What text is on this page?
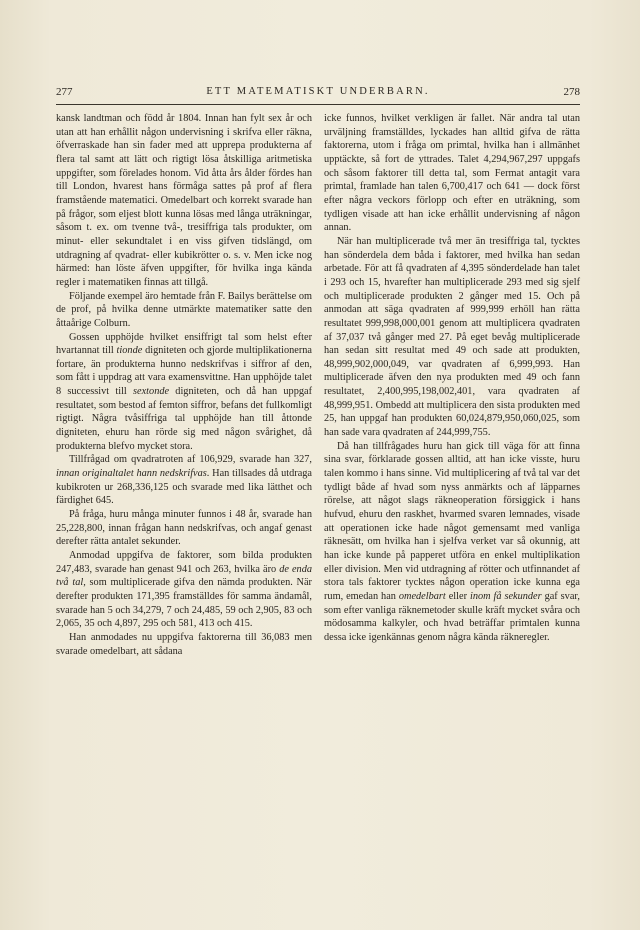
277	ETT MATEMATISKT UNDERBARN.	278

kansk landtman och född år 1804. Innan han fylt sex år och utan att han erhållit någon undervisning i skrifva eller räkna, öfverraskade han sin fader med att upprepa produkterna af flera tal samt att lätt och rigtigt lösa åtskilliga aritmetiska uppgifter, som förelades honom. Vid åtta års ålder fördes han till London, hvarest hans förmåga sattes på prof af flera framstående matematici. Omedelbart och korrekt svarade han på frågor, som eljest blott kunna lösas med långa uträkningar, såsom t. ex. om tvenne två-, tresiffriga tals produkter, om minut- eller sekundtalet i en viss gifven tidslängd, om utdragning af qvadrat- eller kubikrötter o. s. v. Men icke nog härmed: han löste äfven uppgifter, för hvilka inga kända regler i matematiken finnas att tillgå.

Följande exempel äro hemtade från F. Bailys berättelse om de prof, på hvilka denne utmärkte matematiker satte den åttaårige Colburn.

Gossen upphöjde hvilket ensiffrigt tal som helst efter hvartannat till tionde digniteten och gjorde multiplikationerna fortare, än produkterna hunno nedskrifvas i siffror af den, som fått i uppdrag att vara examensvittne. Han upphöjde talet 8 successivt till sextonde digniteten, och då han uppgaf resultatet, som bestod af femton siffror, befans det fullkomligt rigtigt. Några tvåsiffriga tal upphöjde han till åttonde digniteten, ehuru han rörde sig med någon svårighet, då produkterna blefvo mycket stora.

Tillfrågad om qvadratroten af 106,929, svarade han 327, innan originaltalet hann nedskrifvas. Han tillsades då utdraga kubikroten ur 268,336,125 och svarade med lika lätthet och färdighet 645.

På fråga, huru många minuter funnos i 48 år, svarade han 25,228,800, innan frågan hann nedskrifvas, och angaf genast derefter rätta antalet sekunder.

Anmodad uppgifva de faktorer, som bilda produkten 247,483, svarade han genast 941 och 263, hvilka äro de enda två tal, som multiplicerade gifva den nämda produkten. När derefter produkten 171,395 framställdes för samma ändamål, svarade han 5 och 34,279, 7 och 24,485, 59 och 2,905, 83 och 2,065, 35 och 4,897, 295 och 581, 413 och 415.

Han anmodades nu uppgifva faktorerna till 36,083 men svarade omedelbart, att sådana

icke funnos, hvilket verkligen är fallet. När andra tal utan urväljning framställdes, lyckades han alltid gifva de rätta faktorerna, utom i fråga om primtal, hvilka han i allmänhet upptäckte, så fort de yttrades. Talet 4,294,967,297 uppgafs och såsom faktorer till detta tal, som Fermat antagit vara primtal, framlade han talen 6,700,417 och 641 — dock först efter några veckors förlopp och efter en uträkning, som tydligen visade att han icke erhållit undervisning af någon annan.

När han multiplicerade två mer än tresiffriga tal, tycktes han sönderdela dem båda i faktorer, med hvilka han sedan arbetade. För att få qvadraten af 4,395 sönderdelade han talet i 293 och 15, hvarefter han multiplicerade 293 med sig sjelf och multiplicerade produkten 2 gånger med 15. Och på anmodan att säga qvadraten af 999,999 erhöll han rätta resultatet 999,998,000,001 genom att multiplicera qvadraten af 37,037 två gånger med 27. På eget bevåg multiplicerade han sedan sitt resultat med 49 och sade att produkten, 48,999,902,000,049, var qvadraten af 6,999,993. Han multiplicerade äfven den nya produkten med 49 och fann resultatet, 2,400,995,198,002,401, vara qvadraten af 48,999,951. Ombedd att multiplicera den sista produkten med 25, han uppgaf han produkten 60,024,879,950,060,025, som han sade vara qvadraten af 244,999,755.

Då han tillfrågades huru han gick till väga för att finna sina svar, förklarade gossen alltid, att han icke visste, huru talen kommo i hans sinne. Vid multiplicering af två tal var det tydligt både af hvad som nyss anmärkts och af läpparnes rörelse, att något slags räkneoperation försiggick i hans hufvud, ehuru den raskhet, hvarmed svaren lemnades, visade att operationen icke hade något gemensamt med vanliga räknesätt, om hvilka han i sjelfva verket var så okunnig, att han icke kunde på papperet utföra en enkel multiplikation eller division. Men vid utdragning af rötter och utfinnandet af stora tals faktorer tycktes någon operation icke kunna ega rum, emedan han omedelbart eller inom få sekunder gaf svar, som efter vanliga räknemetoder skulle kräft mycket svåra och mödosamma kalkyler, och hvad beträffar primtalen kunna dessa icke igenkännas genom några kända räkneregler.
